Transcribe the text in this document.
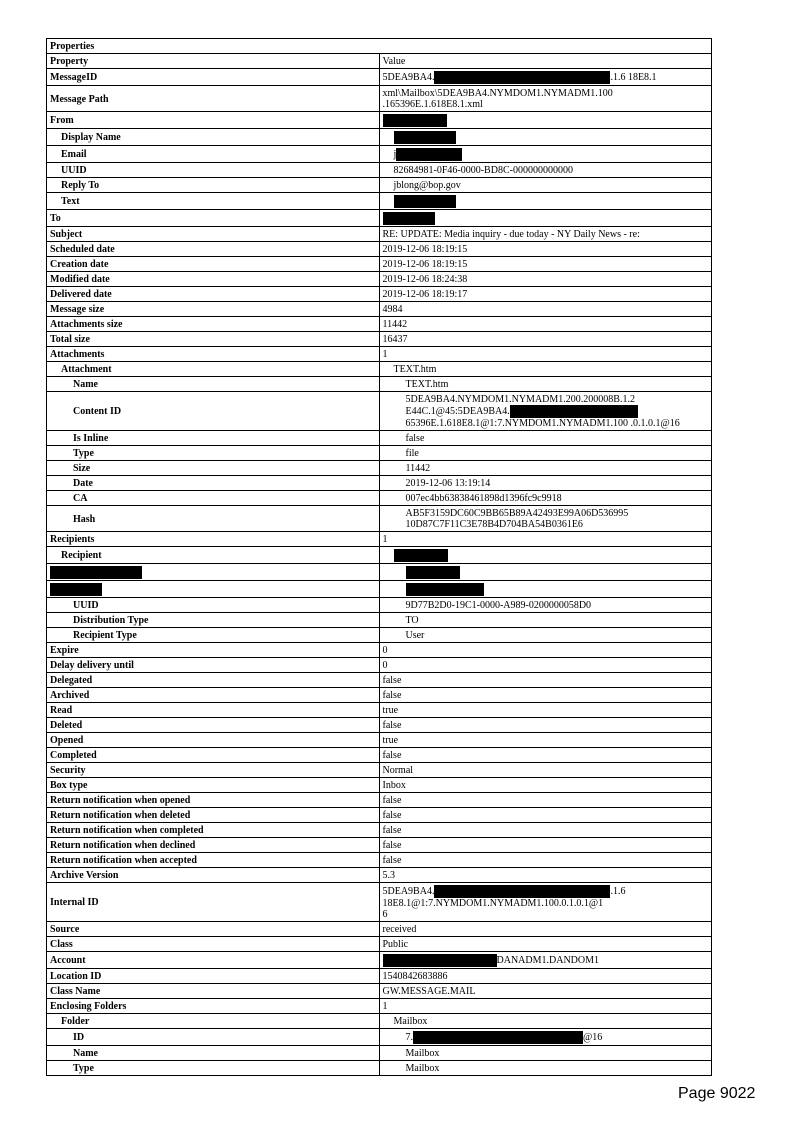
Properties	
Property	Value
MessageID	5DEA9BA4. .1.6 18E8.1
Message Path	xml\Mailbox\5DEA9BA4.NYMDOM1.NYMADM1.100 .165396E.1.618E8.1.xml
From	
Display Name	
Email	j
UUID	82684981-0F46-0000-BD8C-000000000000
Reply To	jblong@bop.gov
Text	
To	
Subject	RE: UPDATE: Media inquiry - due today - NY Daily News - re:
Scheduled date	2019-12-06 18:19:15
Creation date	2019-12-06 18:19:15
Modified date	2019-12-06 18:24:38
Delivered date	2019-12-06 18:19:17
Message size	4984
Attachments size	11442
Total size	16437
Attachments	1
Attachment	TEXT.htm
Name	TEXT.htm
Content ID	5DEA9BA4.NYMDOM1.NYMADM1.200.200008B.1.2
E44C.1@45:5DEA9BA4.
65396E.1.618E8.1@1:7.NYMDOM1.NYMADM1.100 .0.1.0.1@16

Is Inline	false
Type	file
Size	11442
Date	2019-12-06 13:19:14
CA	007ec4bb63838461898d1396fc9c9918
Hash	AB5F3159DC60C9BB65B89A42493E99A06D536995 10D87C7F11C3E78B4D704BA54B0361E6
Recipients	1
Recipient	

UUID	9D77B2D0-19C1-0000-A989-0200000058D0
Distribution Type	TO
Recipient Type	User
Expire	0
Delay delivery until	0
Delegated	false
Archived	false
Read	true
Deleted	false
Opened	true
Completed	false
Security	Normal
Box type	Inbox
Return notification when opened	false
Return notification when deleted	false
Return notification when completed	false
Return notification when declined	false
Return notification when accepted	false
Archive Version	5.3
Internal ID	5DEA9BA4. .1.6 18E8.1@1:7.NYMDOM1.NYMADM1.100.0.1.0.1@1
6

Source	received
Class	Public
Account	DANADM1.DANDOM1
Location ID	1540842683886
Class Name	GW.MESSAGE.MAIL
Enclosing Folders	1
Folder	Mailbox
ID	7. @16
Name	Mailbox
Type	Mailbox
Page 9022
